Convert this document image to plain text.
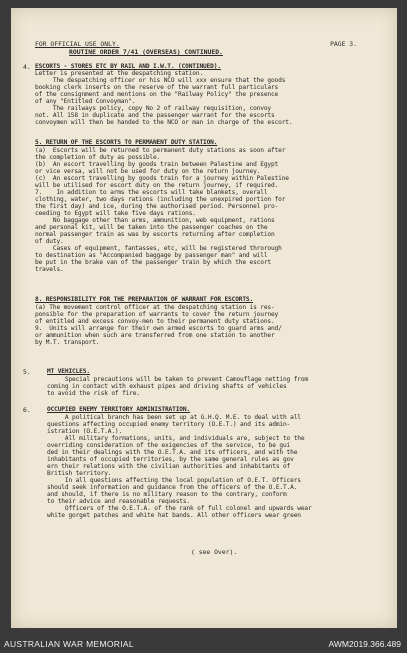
FOR OFFICIAL USE ONLY.	PAGE 3.
ROUTINE ORDER 7/41 (OVERSEAS) CONTINUED.
4. ESCORTS - STORES ETC BY RAIL AND I.W.T. (CONTINUED).
Letter is presented at the despatching station.
The despatching officer or his NCO will xxx ensure that the goods
booking clerk inserts on the reserve of the warrant full particulars
of the consignment and mentions on the "Railway Policy" the presence
of any "Entitled Convoyman".
The railways policy, copy No 2 of railway requisition, convoy
not. All 158 in duplicate and the passenger warrant for the escorts
convoymen will then be handed to the NCO or man in charge of the escort.
5. RETURN OF THE ESCORTS TO PERMANENT DUTY STATION.
(a)  Escorts will be returned to permanent duty stations as soon after
the completion of duty as possible.
(b)  An escort travelling by goods train between Palestine and Egypt
or vice versa, will not be used for duty on the return journey.
(c)  An escort travelling by goods train for a journey within Palestine
will be utilised for escort duty on the return journey, if required.
7.    In addition to arms the escorts will take blankets, overall
clothing, water, two days rations (including the unexpired portion for
the first day) and ice, during the authorised period. Personnel pro-
ceeding to Egypt will take five days rations.
No baggage other than arms, ammunition, web equipment, rations
and personal kit, will be taken into the passenger coaches on the
normal passenger train as was by escorts returning after completion
of duty.
Cases of equipment, fantasses, etc, will be registered throrough
to destination as "Accompanied baggage by passenger man" and will
be put in the brake van of the passenger train by which the escort
travels.
8. RESPONSIBILITY FOR THE PREPARATION OF WARRANT FOR ESCORTS.
(a) The movement control officer at the despatching station is res-
ponsible for the preparation of warrants to cover the return journey
of entitled and excess convoy-men to their permanent duty stations.
9.  Units will arrange for their own armed escorts to guard arms and/
or ammunition when such are transferred from one station to another
by M.T. transport.
5.	MT VEHICLES.
Special precautions will be taken to prevent Camouflage netting from
coming in contact with exhaust pipes and driving shafts of vehicles
to avoid the risk of fire.
6.	OCCUPIED ENEMY TERRITORY ADMINISTRATION.
A political branch has been set up at G.H.Q. M.E. to deal with all
questions affecting occupied enemy territory (O.E.T.) and its admin-
istration (O.E.T.A.).
All military formations, units, and individuals are, subject to the
overriding consideration of the exigencies of the service, to be gui
ded in their dealings with the O.E.T.A. and its officers, and with the
inhabitants of occupied territories, by the same general rules as gov
ern their relations with the civilian authorities and inhabitants of
British territory.
In all questions affecting the local population of O.E.T. Officers
should seek information and guidance from the officers of the O.E.T.A.
and should, if there is no military reason to the contrary, conform
to their advice and reasonable requests.
Officers of the O.E.T.A. of the rank of full colonel and upwards wear
white gorget patches and white hat bands. All other officers wear green
( see Over).
AUSTRALIAN WAR MEMORIAL	AWM2019.366.489
